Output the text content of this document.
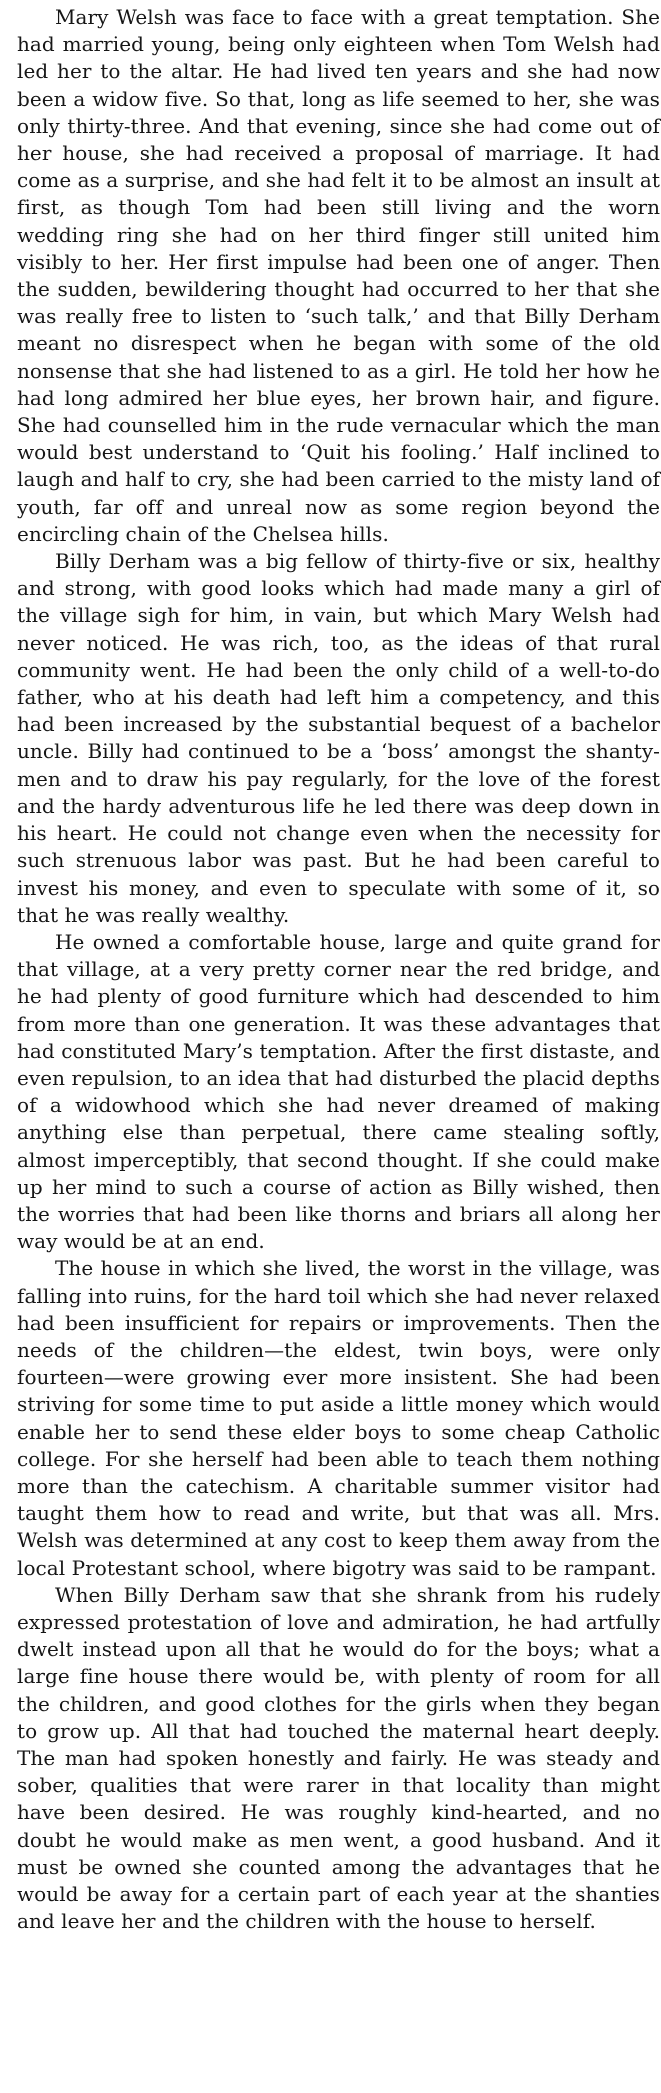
Mary Welsh was face to face with a great temptation. She had married young, being only eighteen when Tom Welsh had led her to the altar. He had lived ten years and she had now been a widow five. So that, long as life seemed to her, she was only thirty-three. And that evening, since she had come out of her house, she had received a proposal of marriage. It had come as a surprise, and she had felt it to be almost an insult at first, as though Tom had been still living and the worn wedding ring she had on her third finger still united him visibly to her. Her first impulse had been one of anger. Then the sudden, bewildering thought had occurred to her that she was really free to listen to ‘such talk,’ and that Billy Derham meant no disrespect when he began with some of the old nonsense that she had listened to as a girl. He told her how he had long admired her blue eyes, her brown hair, and figure. She had counselled him in the rude vernacular which the man would best understand to ‘Quit his fooling.’ Half inclined to laugh and half to cry, she had been carried to the misty land of youth, far off and unreal now as some region beyond the encircling chain of the Chelsea hills.

Billy Derham was a big fellow of thirty-five or six, healthy and strong, with good looks which had made many a girl of the village sigh for him, in vain, but which Mary Welsh had never noticed. He was rich, too, as the ideas of that rural community went. He had been the only child of a well-to-do father, who at his death had left him a competency, and this had been increased by the substantial bequest of a bachelor uncle. Billy had continued to be a ‘boss’ amongst the shanty-men and to draw his pay regularly, for the love of the forest and the hardy adventurous life he led there was deep down in his heart. He could not change even when the necessity for such strenuous labor was past. But he had been careful to invest his money, and even to speculate with some of it, so that he was really wealthy.

He owned a comfortable house, large and quite grand for that village, at a very pretty corner near the red bridge, and he had plenty of good furniture which had descended to him from more than one generation. It was these advantages that had constituted Mary’s temptation. After the first distaste, and even repulsion, to an idea that had disturbed the placid depths of a widowhood which she had never dreamed of making anything else than perpetual, there came stealing softly, almost imperceptibly, that second thought. If she could make up her mind to such a course of action as Billy wished, then the worries that had been like thorns and briars all along her way would be at an end.

The house in which she lived, the worst in the village, was falling into ruins, for the hard toil which she had never relaxed had been insufficient for repairs or improvements. Then the needs of the children—the eldest, twin boys, were only fourteen—were growing ever more insistent. She had been striving for some time to put aside a little money which would enable her to send these elder boys to some cheap Catholic college. For she herself had been able to teach them nothing more than the catechism. A charitable summer visitor had taught them how to read and write, but that was all. Mrs. Welsh was determined at any cost to keep them away from the local Protestant school, where bigotry was said to be rampant.

When Billy Derham saw that she shrank from his rudely expressed protestation of love and admiration, he had artfully dwelt instead upon all that he would do for the boys; what a large fine house there would be, with plenty of room for all the children, and good clothes for the girls when they began to grow up. All that had touched the maternal heart deeply. The man had spoken honestly and fairly. He was steady and sober, qualities that were rarer in that locality than might have been desired. He was roughly kind-hearted, and no doubt he would make as men went, a good husband. And it must be owned she counted among the advantages that he would be away for a certain part of each year at the shanties and leave her and the children with the house to herself.
